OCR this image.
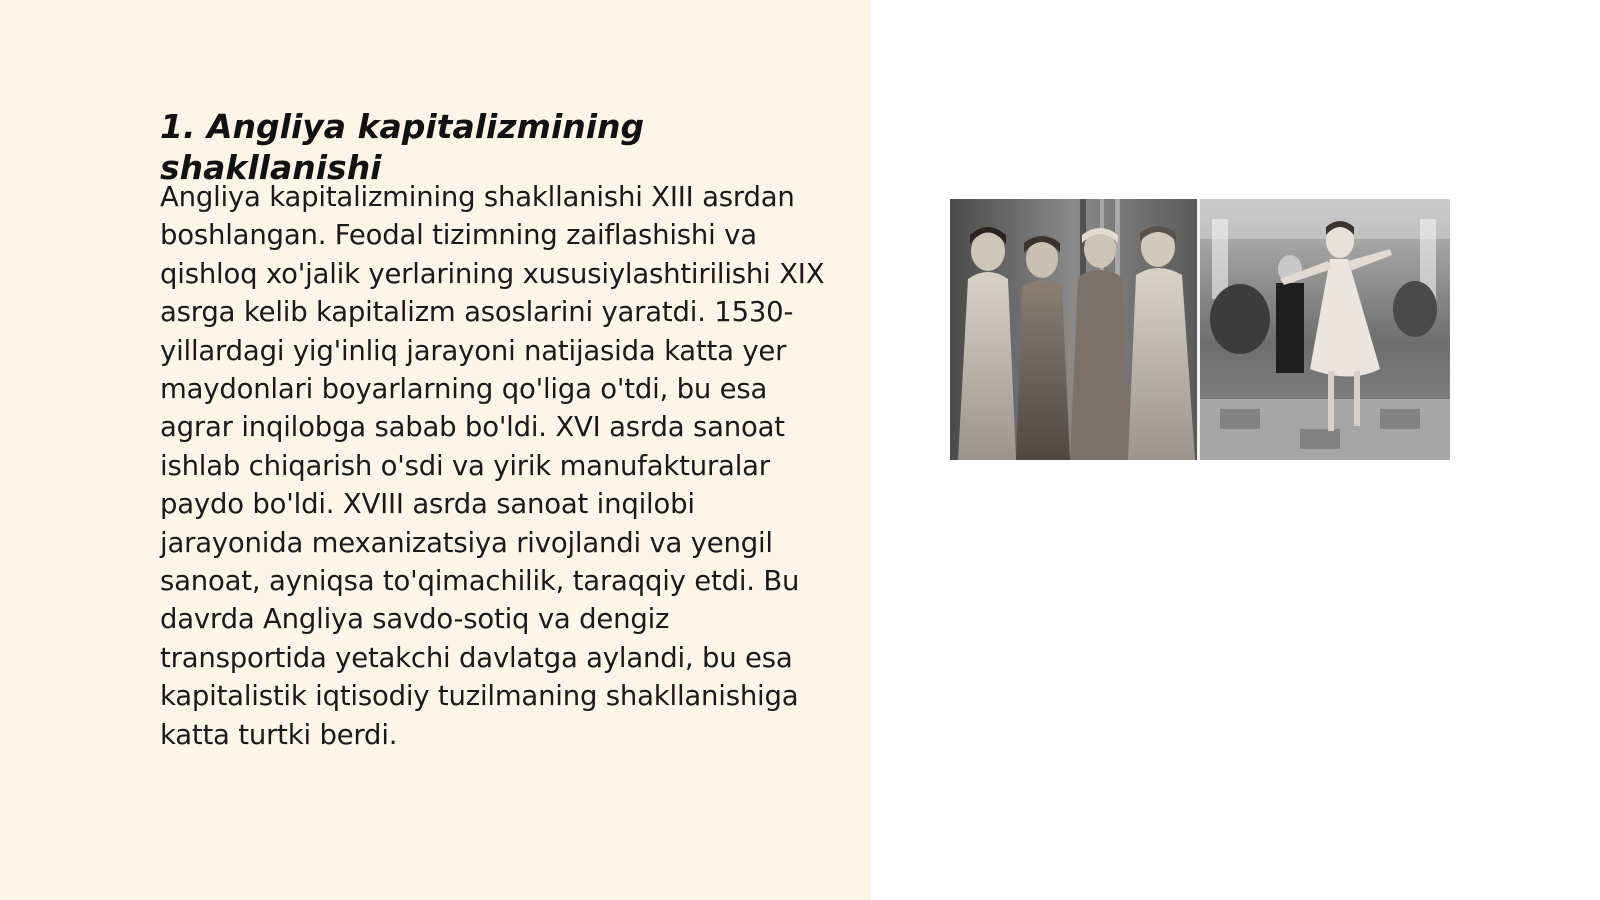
1. Angliya kapitalizmining shakllanishi

Angliya kapitalizmining shakllanishi XIII asrdan boshlangan. Feodal tizimning zaiflashishi va qishloq xo'jalik yerlarining xususiylashtirilishi XIX asrga kelib kapitalizm asoslarini yaratdi. 1530-yillardagi yig'inliq jarayoni natijasida katta yer maydonlari boyarlarning qo'liga o'tdi, bu esa agrar inqilobga sabab bo'ldi. XVI asrda sanoat ishlab chiqarish o'sdi va yirik manufakturalar paydo bo'ldi. XVIII asrda sanoat inqilobi jarayonida mexanizatsiya rivojlandi va yengil sanoat, ayniqsa to'qimachilik, taraqqiy etdi. Bu davrda Angliya savdo-sotiq va dengiz transportida yetakchi davlatga aylandi, bu esa kapitalistik iqtisodiy tuzilmaning shakllanishiga katta turtki berdi.
